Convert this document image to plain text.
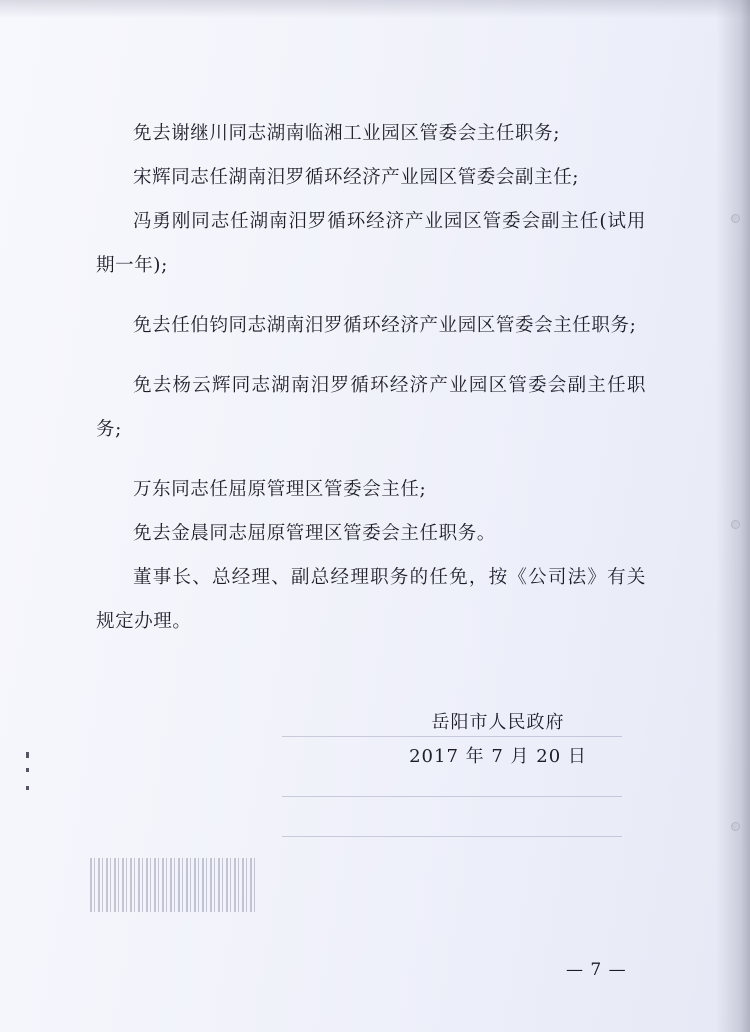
免去谢继川同志湖南临湘工业园区管委会主任职务;

宋辉同志任湖南汨罗循环经济产业园区管委会副主任;

冯勇刚同志任湖南汨罗循环经济产业园区管委会副主任(试用期一年);

免去任伯钧同志湖南汨罗循环经济产业园区管委会主任职务;

免去杨云辉同志湖南汨罗循环经济产业园区管委会副主任职务;

万东同志任屈原管理区管委会主任;

免去金晨同志屈原管理区管委会主任职务。

董事长、总经理、副总经理职务的任免，按《公司法》有关规定办理。

岳阳市人民政府
2017 年 7 月 20 日
— 7 —
